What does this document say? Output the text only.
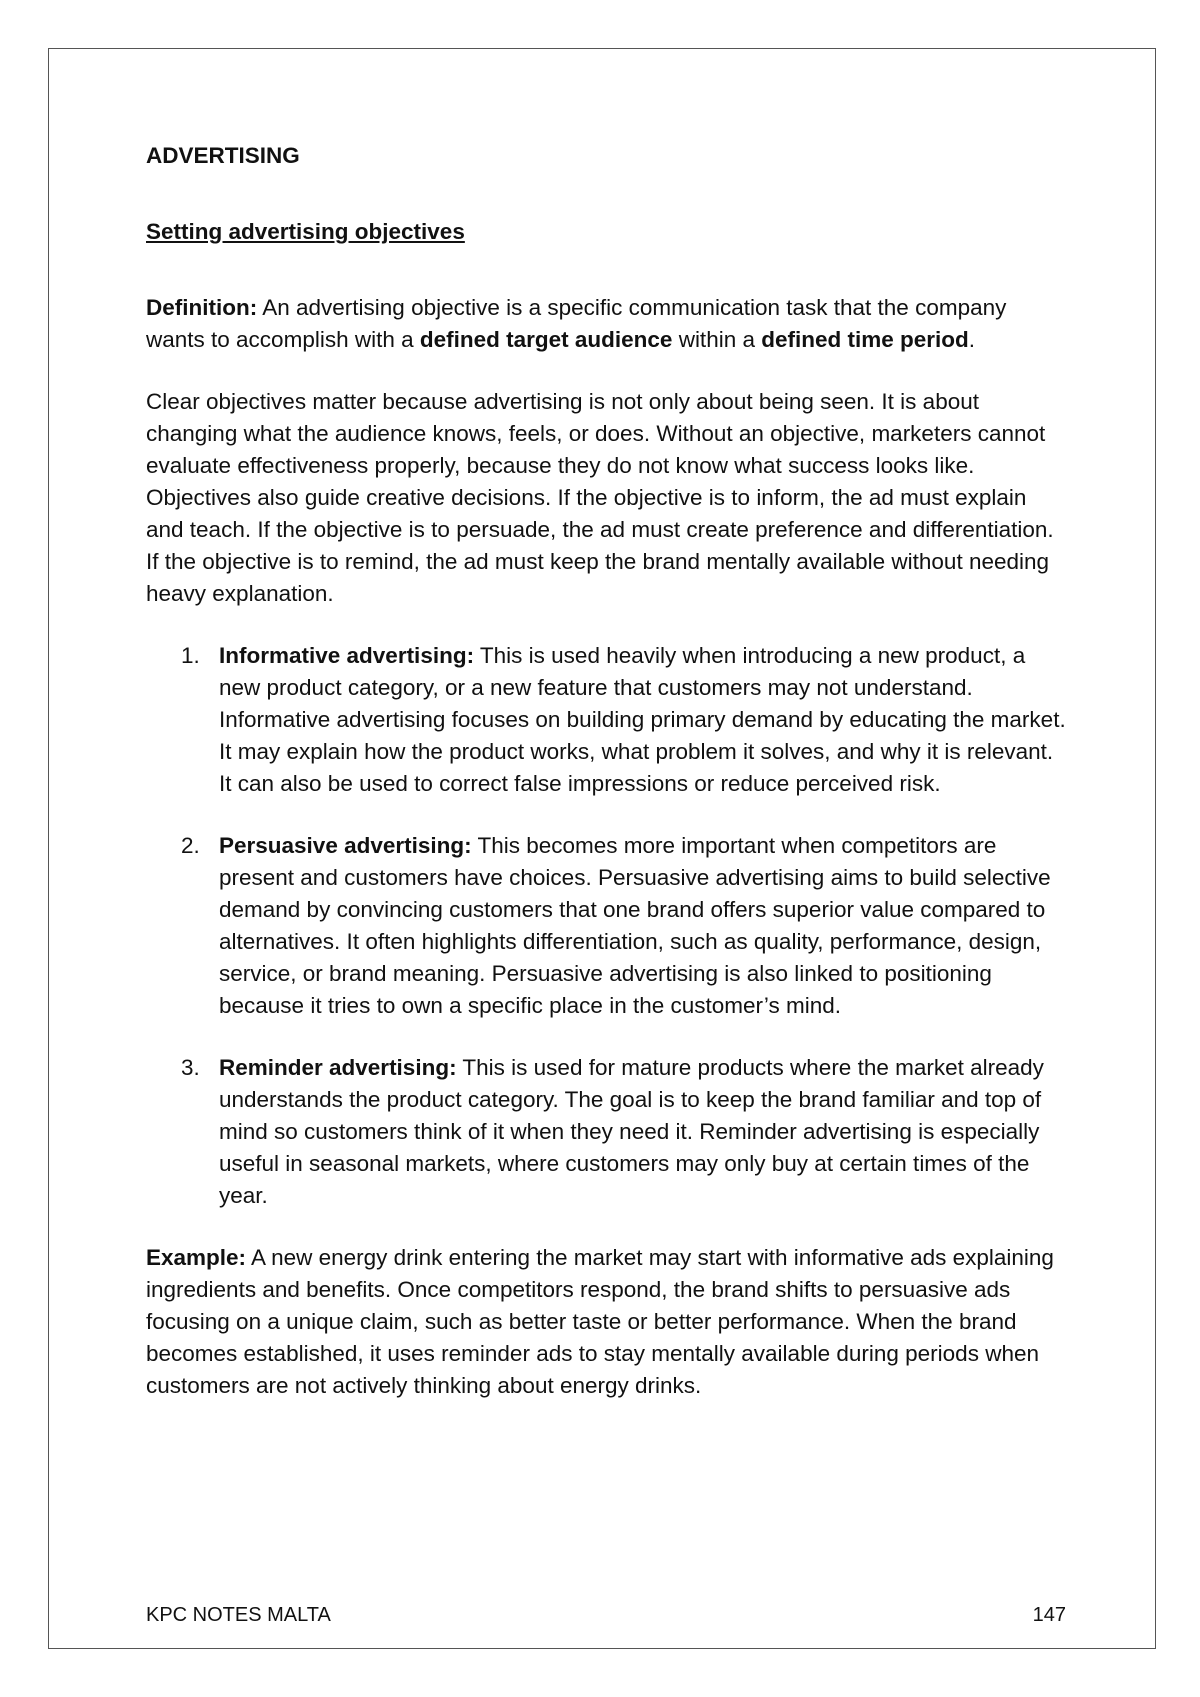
ADVERTISING
Setting advertising objectives

Definition: An advertising objective is a specific communication task that the company wants to accomplish with a defined target audience within a defined time period.

Clear objectives matter because advertising is not only about being seen. It is about changing what the audience knows, feels, or does. Without an objective, marketers cannot evaluate effectiveness properly, because they do not know what success looks like. Objectives also guide creative decisions. If the objective is to inform, the ad must explain and teach. If the objective is to persuade, the ad must create preference and differentiation. If the objective is to remind, the ad must keep the brand mentally available without needing heavy explanation.

1. Informative advertising: This is used heavily when introducing a new product, a new product category, or a new feature that customers may not understand. Informative advertising focuses on building primary demand by educating the market. It may explain how the product works, what problem it solves, and why it is relevant. It can also be used to correct false impressions or reduce perceived risk.
2. Persuasive advertising: This becomes more important when competitors are present and customers have choices. Persuasive advertising aims to build selective demand by convincing customers that one brand offers superior value compared to alternatives. It often highlights differentiation, such as quality, performance, design, service, or brand meaning. Persuasive advertising is also linked to positioning because it tries to own a specific place in the customer’s mind.
3. Reminder advertising: This is used for mature products where the market already understands the product category. The goal is to keep the brand familiar and top of mind so customers think of it when they need it. Reminder advertising is especially useful in seasonal markets, where customers may only buy at certain times of the year.

Example: A new energy drink entering the market may start with informative ads explaining ingredients and benefits. Once competitors respond, the brand shifts to persuasive ads focusing on a unique claim, such as better taste or better performance. When the brand becomes established, it uses reminder ads to stay mentally available during periods when customers are not actively thinking about energy drinks.

KPC NOTES MALTA	147
